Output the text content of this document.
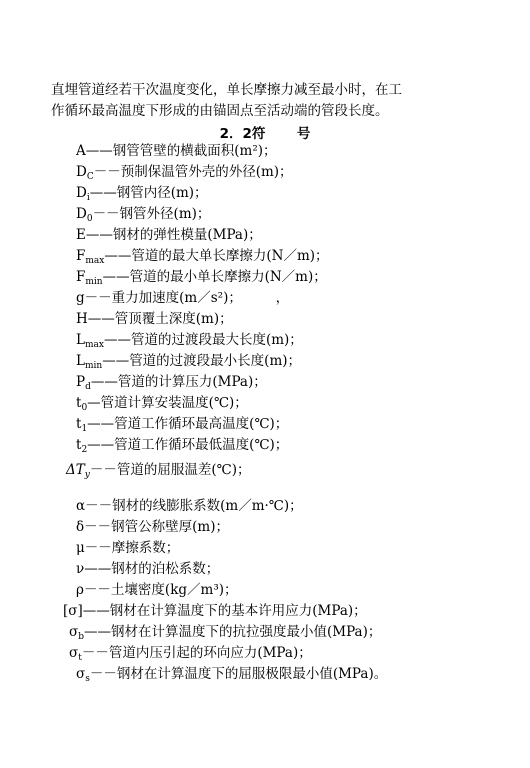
直埋管道经若干次温度变化，单长摩擦力减至最小时，在工
作循环最高温度下形成的由锚固点至活动端的管段长度。
2．2符 号
A——钢管管壁的横截面积(m²)；
$D_C--$预制保温管外壳的外径(m)；
$D_i——$钢管内径(m)；
$D_0--$钢管外径(m)；
E——钢材的弹性模量(MPa)；
$F_{max}——$管道的最大单长摩擦力(N／m)；
$F_{min}——$管道的最小单长摩擦力(N／m)；
g－－重力加速度(m／s²)；　　　，
H——管顶覆土深度(m)；
$L_{max}——$管道的过渡段最大长度(m)；
$L_{min}——$管道的过渡段最小长度(m)；
$P_d——$管道的计算压力(MPa)；
$t_0—$管道计算安装温度(℃)；
$t_1——$管道工作循环最高温度(℃)；
$t_2——$管道工作循环最低温度(℃)；
$\Delta T_y--$管道的屈服温差(℃)；
α－－钢材的线膨胀系数(m／m·℃)；
δ－－钢管公称壁厚(m)；
μ－－摩擦系数；
ν——钢材的泊松系数；
ρ－－土壤密度(kg／m³)；
[σ]——钢材在计算温度下的基本许用应力(MPa)；
$\sigma_b——$钢材在计算温度下的抗拉强度最小值(MPa)；
$\sigma_t--$管道内压引起的环向应力(MPa)；
$\sigma_s--$钢材在计算温度下的屈服极限最小值(MPa)。
